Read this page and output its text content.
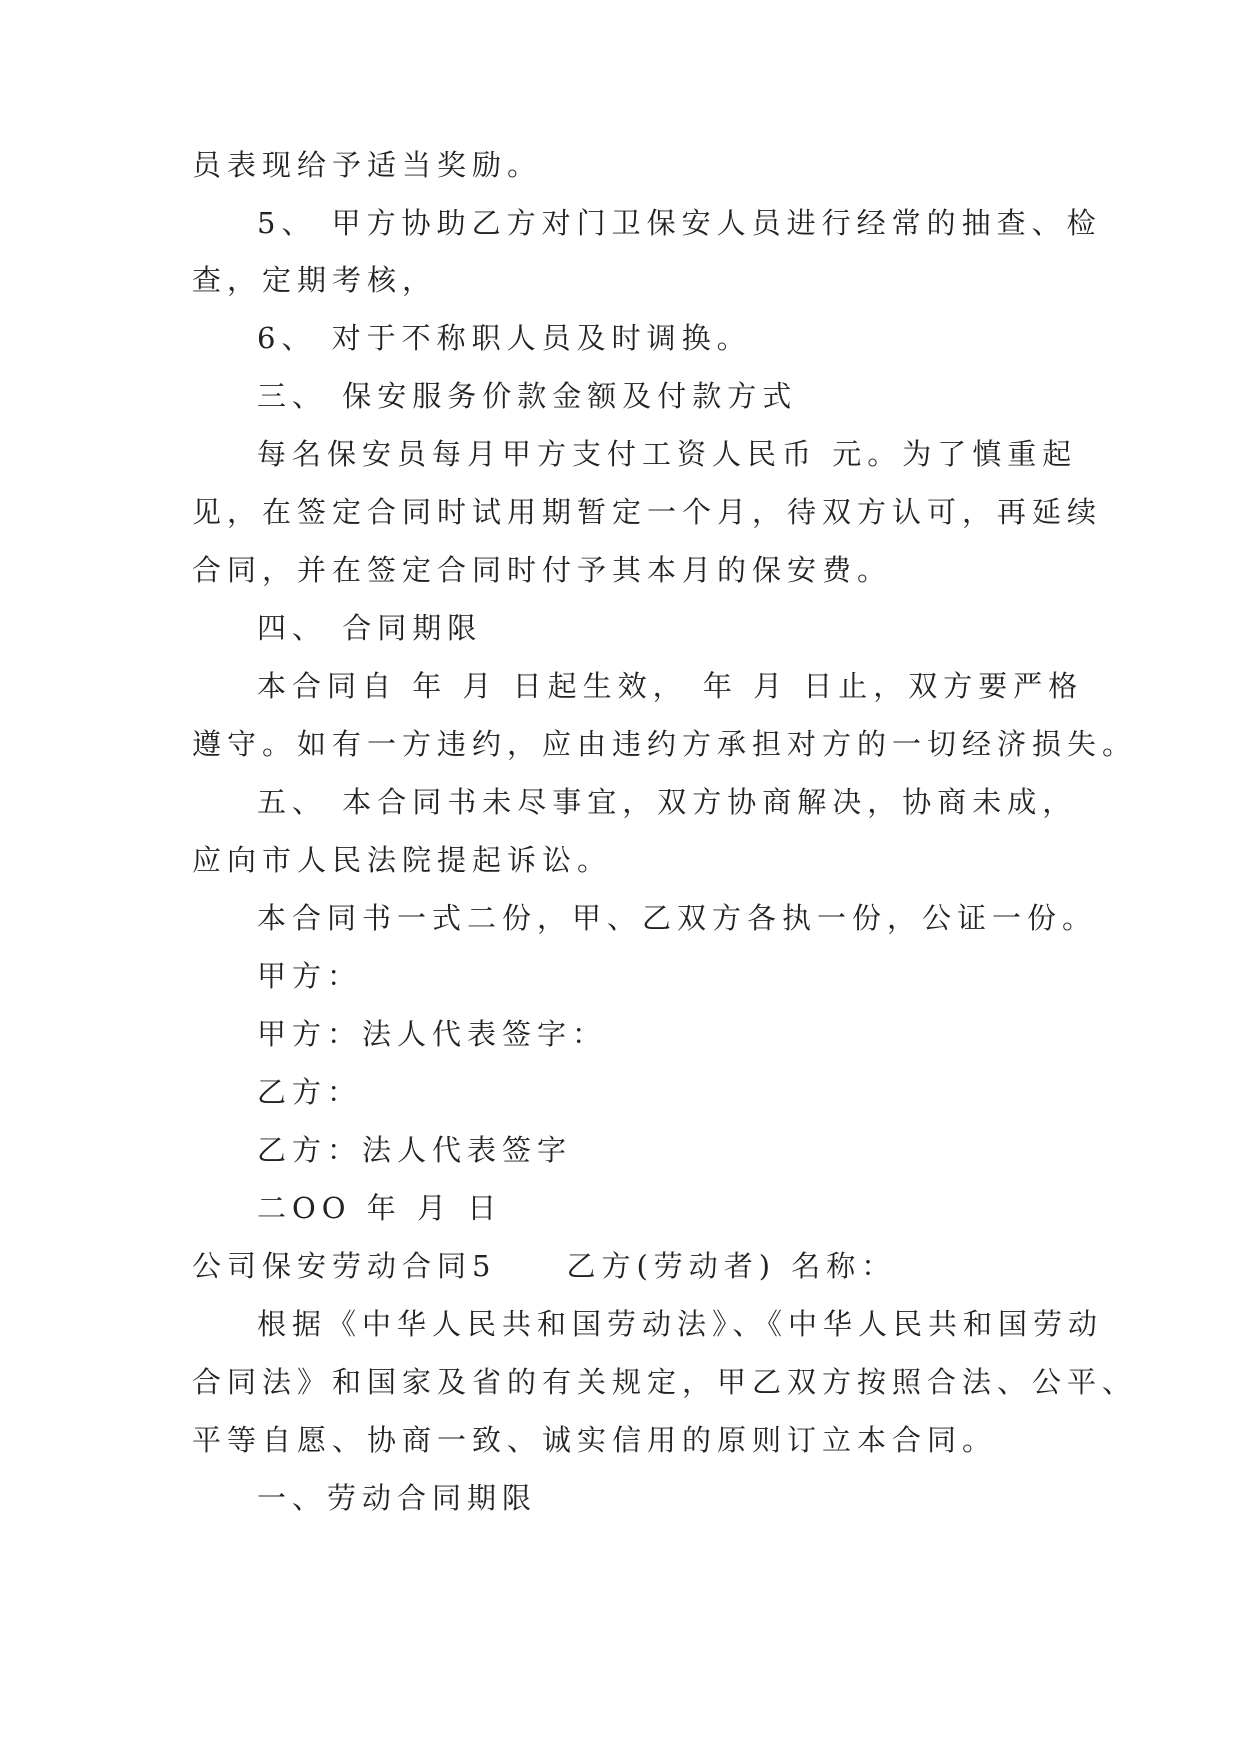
员表现给予适当奖励。
5、 甲方协助乙方对门卫保安人员进行经常的抽查、检
查，定期考核，
6、 对于不称职人员及时调换。
三、 保安服务价款金额及付款方式
每名保安员每月甲方支付工资人民币 元。为了慎重起
见，在签定合同时试用期暂定一个月，待双方认可，再延续
合同，并在签定合同时付予其本月的保安费。
四、 合同期限
本合同自 年 月 日起生效， 年 月 日止，双方要严格
遵守。如有一方违约，应由违约方承担对方的一切经济损失。
五、 本合同书未尽事宜，双方协商解决，协商未成，
应向市人民法院提起诉讼。
本合同书一式二份，甲、乙双方各执一份，公证一份。
甲方：
甲方：法人代表签字：
乙方：
乙方：法人代表签字
二OO 年 月 日
公司保安劳动合同5　　乙方(劳动者) 名称：
根据《中华人民共和国劳动法》、《中华人民共和国劳动
合同法》和国家及省的有关规定，甲乙双方按照合法、公平、
平等自愿、协商一致、诚实信用的原则订立本合同。
一、劳动合同期限
